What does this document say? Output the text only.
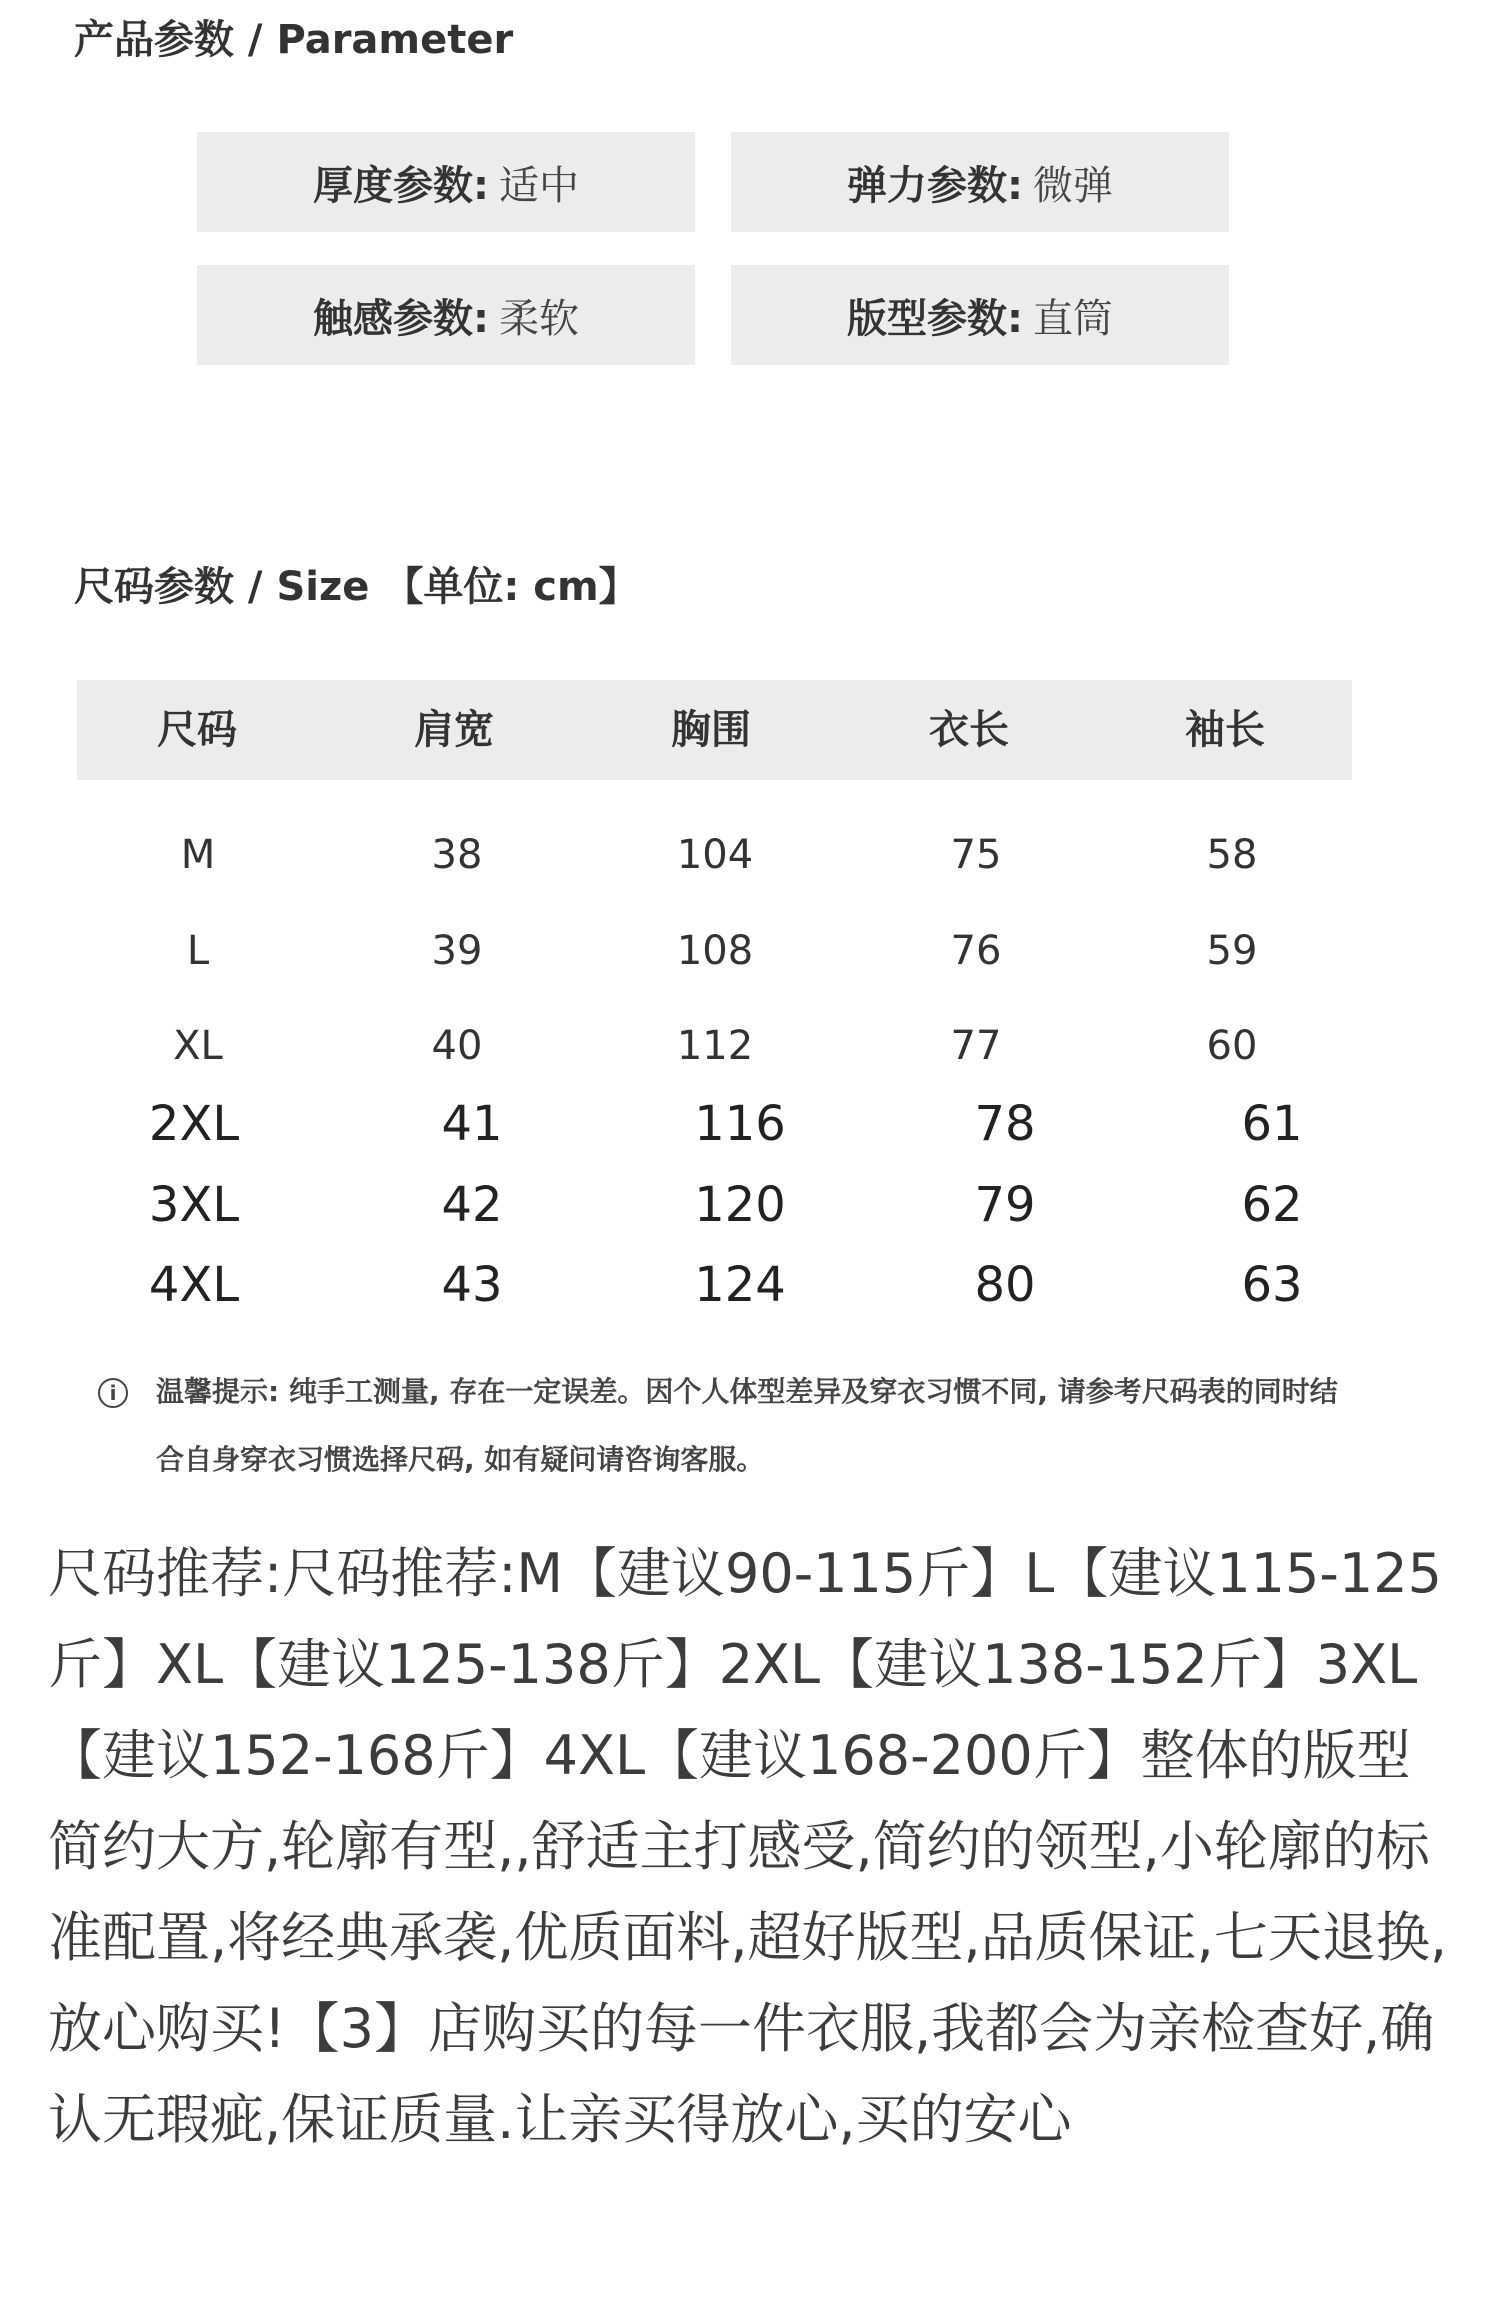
产品参数 / Parameter
厚度参数: 适中	弹力参数: 微弹
触感参数: 柔软	版型参数: 直筒
尺码参数 / Size 【单位: cm】
尺码	肩宽	胸围	衣长	袖长
M	38	104	75	58
L	39	108	76	59
XL	40	112	77	60
2XL	41	116	78	61
3XL	42	120	79	62
4XL	43	124	80	63
i	温馨提示: 纯手工测量, 存在一定误差。因个人体型差异及穿衣习惯不同, 请参考尺码表的同时结合自身穿衣习惯选择尺码, 如有疑问请咨询客服。
尺码推荐:尺码推荐:M【建议90-115斤】L【建议115-125斤】XL【建议125-138斤】2XL【建议138-152斤】3XL【建议152-168斤】4XL【建议168-200斤】整体的版型简约大方,轮廓有型,,舒适主打感受,简约的领型,小轮廓的标准配置,将经典承袭,优质面料,超好版型,品质保证,七天退换,放心购买!【3】店购买的每一件衣服,我都会为亲检查好,确认无瑕疵,保证质量.让亲买得放心,买的安心
